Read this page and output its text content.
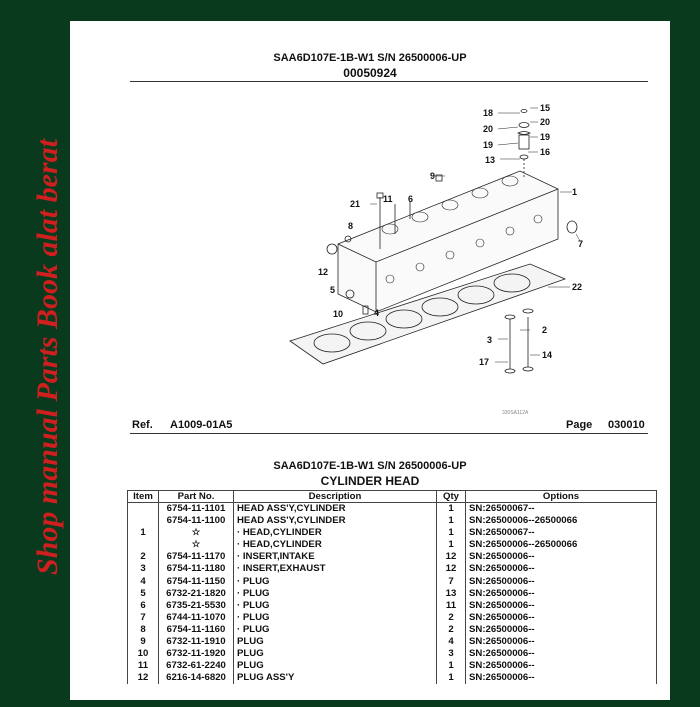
Shop manual Parts Book alat berat
SAA6D107E-1B-W1 S/N 26500006-UP
00050924
18	15
20
20
19
19
13
16
9
1
21	11 6
8
7
12
22
5
4
10
2
3
14
17
330SA112A
Ref. A1009-01A5	Page 030010
SAA6D107E-1B-W1 S/N 26500006-UP
CYLINDER HEAD
Item	Part No.	Description	Qty	Options
	6754-11-1101	HEAD ASS'Y,CYLINDER	1	SN:26500067--
	6754-11-1100	HEAD ASS'Y,CYLINDER	1	SN:26500006--26500066
1	☆	· HEAD,CYLINDER	1	SN:26500067--
	☆	· HEAD,CYLINDER	1	SN:26500006--26500066
2	6754-11-1170	· INSERT,INTAKE	12	SN:26500006--
3	6754-11-1180	· INSERT,EXHAUST	12	SN:26500006--
4	6754-11-1150	· PLUG	7	SN:26500006--
5	6732-21-1820	· PLUG	13	SN:26500006--
6	6735-21-5530	· PLUG	11	SN:26500006--
7	6744-11-1070	· PLUG	2	SN:26500006--
8	6754-11-1160	· PLUG	2	SN:26500006--
9	6732-11-1910	PLUG	4	SN:26500006--
10	6732-11-1920	PLUG	3	SN:26500006--
11	6732-61-2240	PLUG	1	SN:26500006--
12	6216-14-6820	PLUG ASS'Y	1	SN:26500006--
